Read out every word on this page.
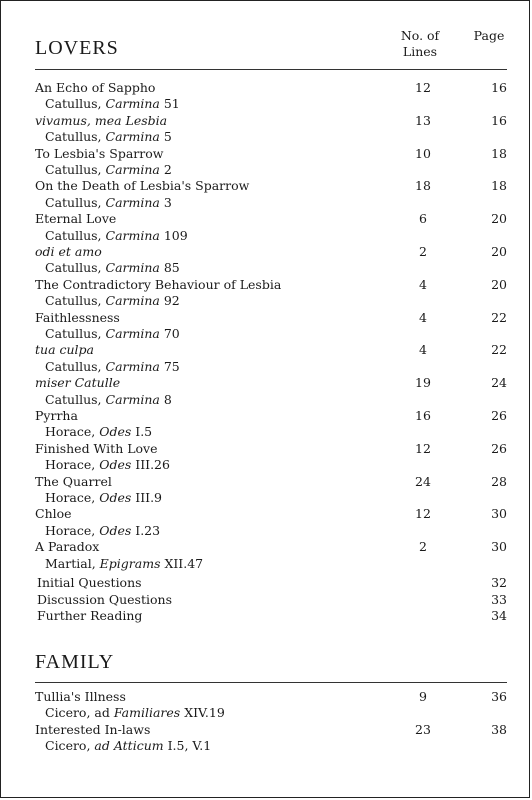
No. of Lines
Page
LOVERS
An Echo of Sappho	12	16
Catullus, Carmina 51
vivamus, mea Lesbia	13	16
Catullus, Carmina 5
To Lesbia's Sparrow	10	18
Catullus, Carmina 2
On the Death of Lesbia's Sparrow	18	18
Catullus, Carmina 3
Eternal Love	6	20
Catullus, Carmina 109
odi et amo	2	20
Catullus, Carmina 85
The Contradictory Behaviour of Lesbia	4	20
Catullus, Carmina 92
Faithlessness	4	22
Catullus, Carmina 70
tua culpa	4	22
Catullus, Carmina 75
miser Catulle	19	24
Catullus, Carmina 8
Pyrrha	16	26
Horace, Odes I.5
Finished With Love	12	26
Horace, Odes III.26
The Quarrel	24	28
Horace, Odes III.9
Chloe	12	30
Horace, Odes I.23
A Paradox	2	30
Martial, Epigrams XII.47
Initial Questions	32
Discussion Questions	33
Further Reading	34
FAMILY
Tullia's Illness	9	36
Cicero, ad Familiares XIV.19
Interested In-laws	23	38
Cicero, ad Atticum I.5, V.1
